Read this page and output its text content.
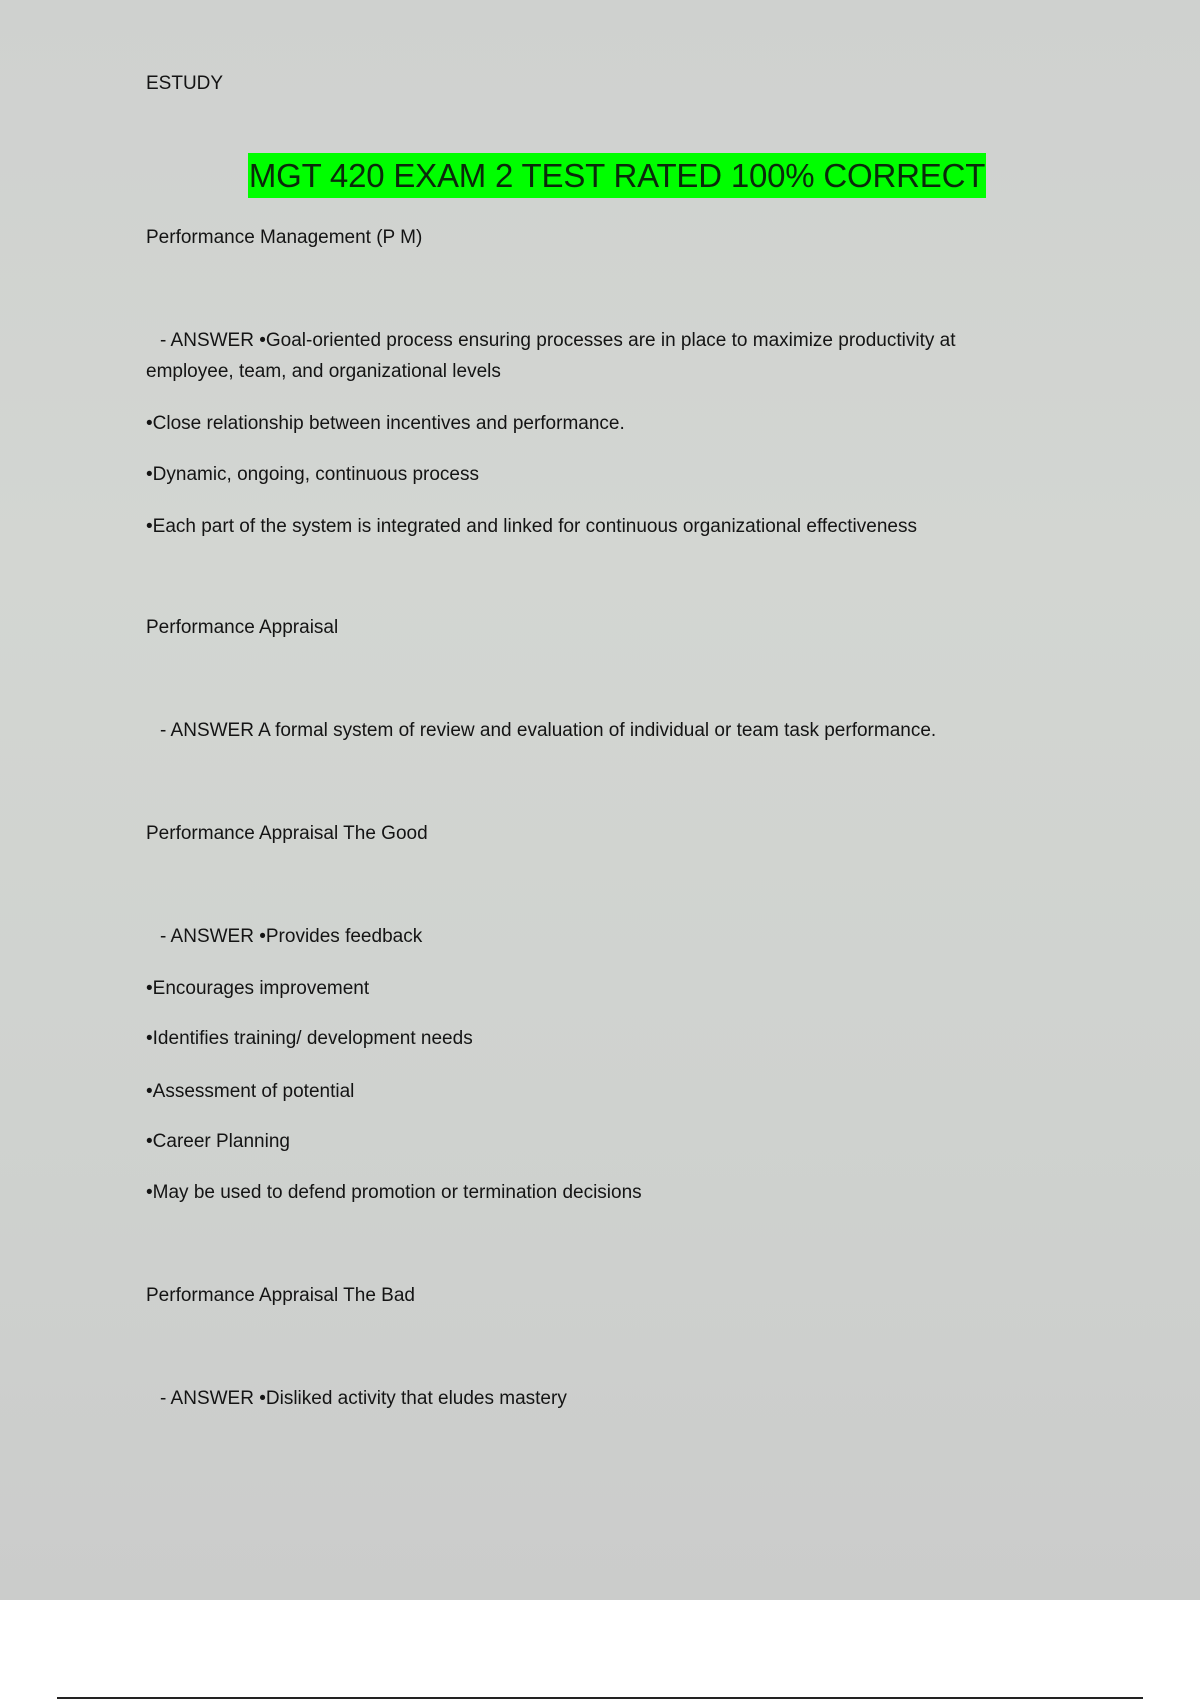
ESTUDY
MGT 420 EXAM 2 TEST RATED 100% CORRECT
Performance Management (P M)
- ANSWER •Goal-oriented process ensuring processes are in place to maximize productivity at employee, team, and organizational levels
•Close relationship between incentives and performance.
•Dynamic, ongoing, continuous process
•Each part of the system is integrated and linked for continuous organizational effectiveness
Performance Appraisal
- ANSWER A formal system of review and evaluation of individual or team task performance.
Performance Appraisal The Good
- ANSWER •Provides feedback
•Encourages improvement
•Identifies training/ development needs
•Assessment of potential
•Career Planning
•May be used to defend promotion or termination decisions
Performance Appraisal The Bad
- ANSWER •Disliked activity that eludes mastery
